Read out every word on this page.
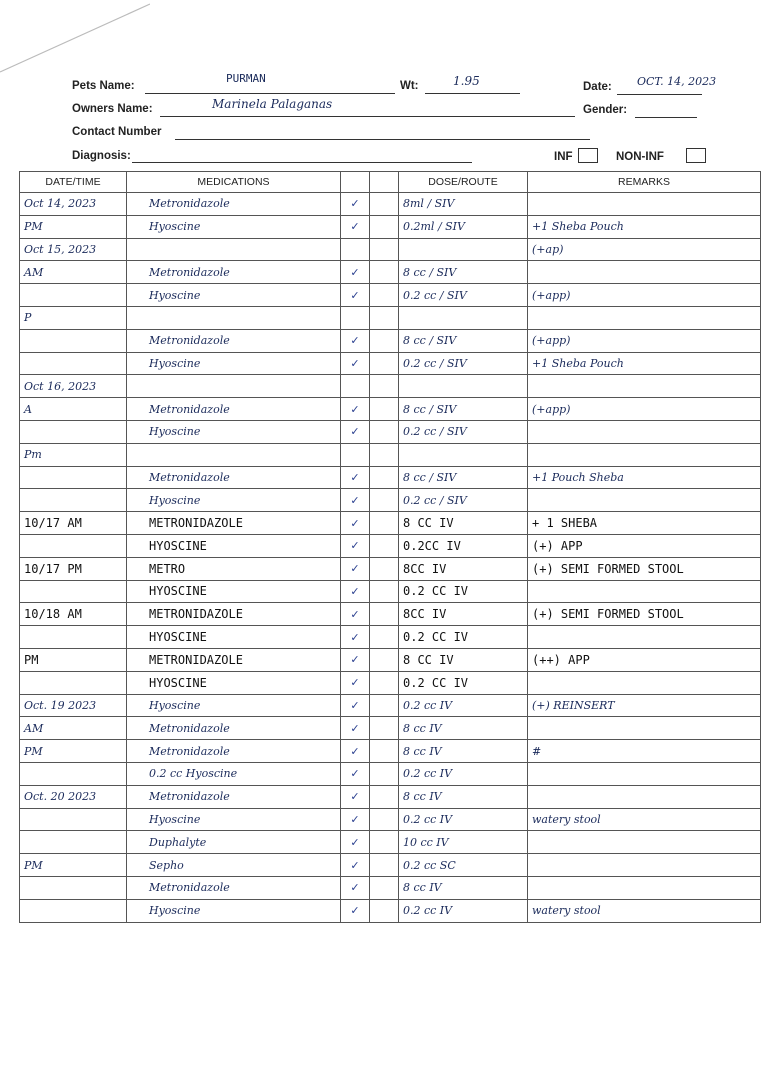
Pets Name:
PURMAN
Wt:	1.95	Date: OCT. 14, 2023
Owners Name:	Marinela Palaganas	Gender:
Contact Number
Diagnosis:	INF	NON-INF
DATE/TIME	MEDICATIONS			DOSE/ROUTE	REMARKS
Oct 14, 2023	Metronidazole	✓		8ml / SIV	
PM	Hyoscine	✓		0.2ml / SIV	+1 Sheba Pouch
Oct 15, 2023					(+ap)
AM	Metronidazole	✓		8 cc / SIV	
	Hyoscine	✓		0.2 cc / SIV	(+app)
P					
	Metronidazole	✓		8 cc / SIV	(+app)
	Hyoscine	✓		0.2 cc / SIV	+1 Sheba Pouch
Oct 16, 2023					
A	Metronidazole	✓		8 cc / SIV	(+app)
	Hyoscine	✓		0.2 cc / SIV	
Pm					
	Metronidazole	✓		8 cc / SIV	+1 Pouch Sheba
	Hyoscine	✓		0.2 cc / SIV	
10/17 AM	METRONIDAZOLE	✓		8 CC IV	+ 1 SHEBA
	HYOSCINE	✓		0.2CC IV	(+) APP
10/17 PM	METRO	✓		8CC IV	(+) SEMI FORMED STOOL
	HYOSCINE	✓		0.2 CC IV	
10/18 AM	METRONIDAZOLE	✓		8CC IV	(+) SEMI FORMED STOOL
	HYOSCINE	✓		0.2 CC IV	
PM	METRONIDAZOLE	✓		8 CC IV	(++) APP
	HYOSCINE	✓		0.2 CC IV	
Oct. 19 2023	Hyoscine	✓		0.2 cc IV	(+) REINSERT
AM	Metronidazole	✓		8 cc IV	
PM	Metronidazole	✓		8 cc IV	#
	0.2 cc Hyoscine	✓		0.2 cc IV	
Oct. 20 2023	Metronidazole	✓		8 cc IV	
	Hyoscine	✓		0.2 cc IV	watery stool
	Duphalyte	✓		10 cc IV	
PM	Sepho	✓		0.2 cc SC	
	Metronidazole	✓		8 cc IV	
	Hyoscine	✓		0.2 cc IV	watery stool
